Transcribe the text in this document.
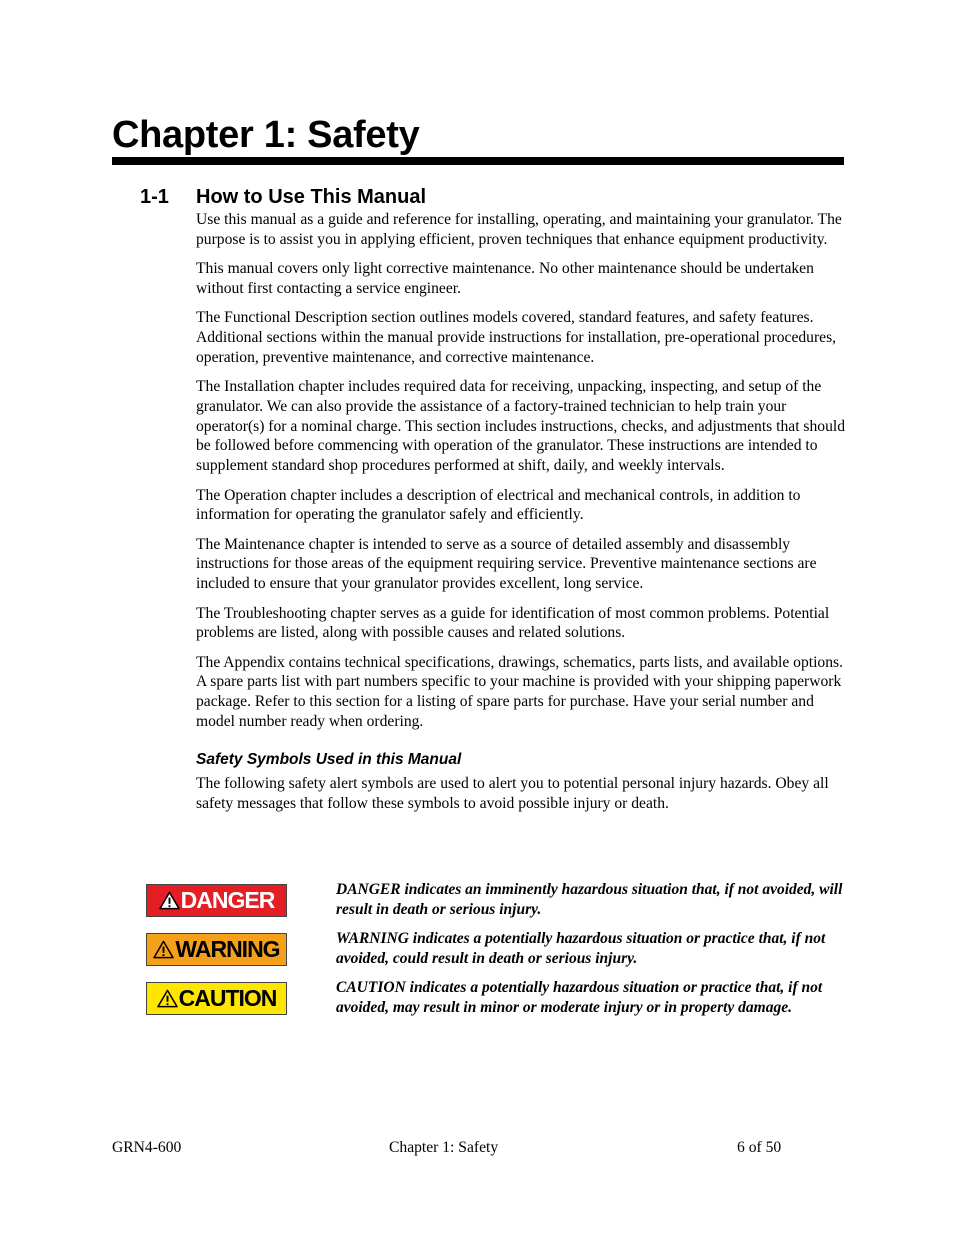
Chapter 1: Safety
1-1 How to Use This Manual

Use this manual as a guide and reference for installing, operating, and maintaining your granulator. The purpose is to assist you in applying efficient, proven techniques that enhance equipment productivity.

This manual covers only light corrective maintenance. No other maintenance should be undertaken without first contacting a service engineer.

The Functional Description section outlines models covered, standard features, and safety features. Additional sections within the manual provide instructions for installation, pre-operational procedures, operation, preventive maintenance, and corrective maintenance.

The Installation chapter includes required data for receiving, unpacking, inspecting, and setup of the granulator. We can also provide the assistance of a factory-trained technician to help train your operator(s) for a nominal charge. This section includes instructions, checks, and adjustments that should be followed before commencing with operation of the granulator. These instructions are intended to supplement standard shop procedures performed at shift, daily, and weekly intervals.

The Operation chapter includes a description of electrical and mechanical controls, in addition to information for operating the granulator safely and efficiently.

The Maintenance chapter is intended to serve as a source of detailed assembly and disassembly instructions for those areas of the equipment requiring service. Preventive maintenance sections are included to ensure that your granulator provides excellent, long service.

The Troubleshooting chapter serves as a guide for identification of most common problems. Potential problems are listed, along with possible causes and related solutions.

The Appendix contains technical specifications, drawings, schematics, parts lists, and available options. A spare parts list with part numbers specific to your machine is provided with your shipping paperwork package. Refer to this section for a listing of spare parts for purchase. Have your serial number and model number ready when ordering.

Safety Symbols Used in this Manual

The following safety alert symbols are used to alert you to potential personal injury hazards. Obey all safety messages that follow these symbols to avoid possible injury or death.

DANGER	DANGER indicates an imminently hazardous situation that, if not avoided, will result in death or serious injury.
WARNING	WARNING indicates a potentially hazardous situation or practice that, if not avoided, could result in death or serious injury.
CAUTION	CAUTION indicates a potentially hazardous situation or practice that, if not avoided, may result in minor or moderate injury or in property damage.
GRN4-600	Chapter 1: Safety	6 of 50
